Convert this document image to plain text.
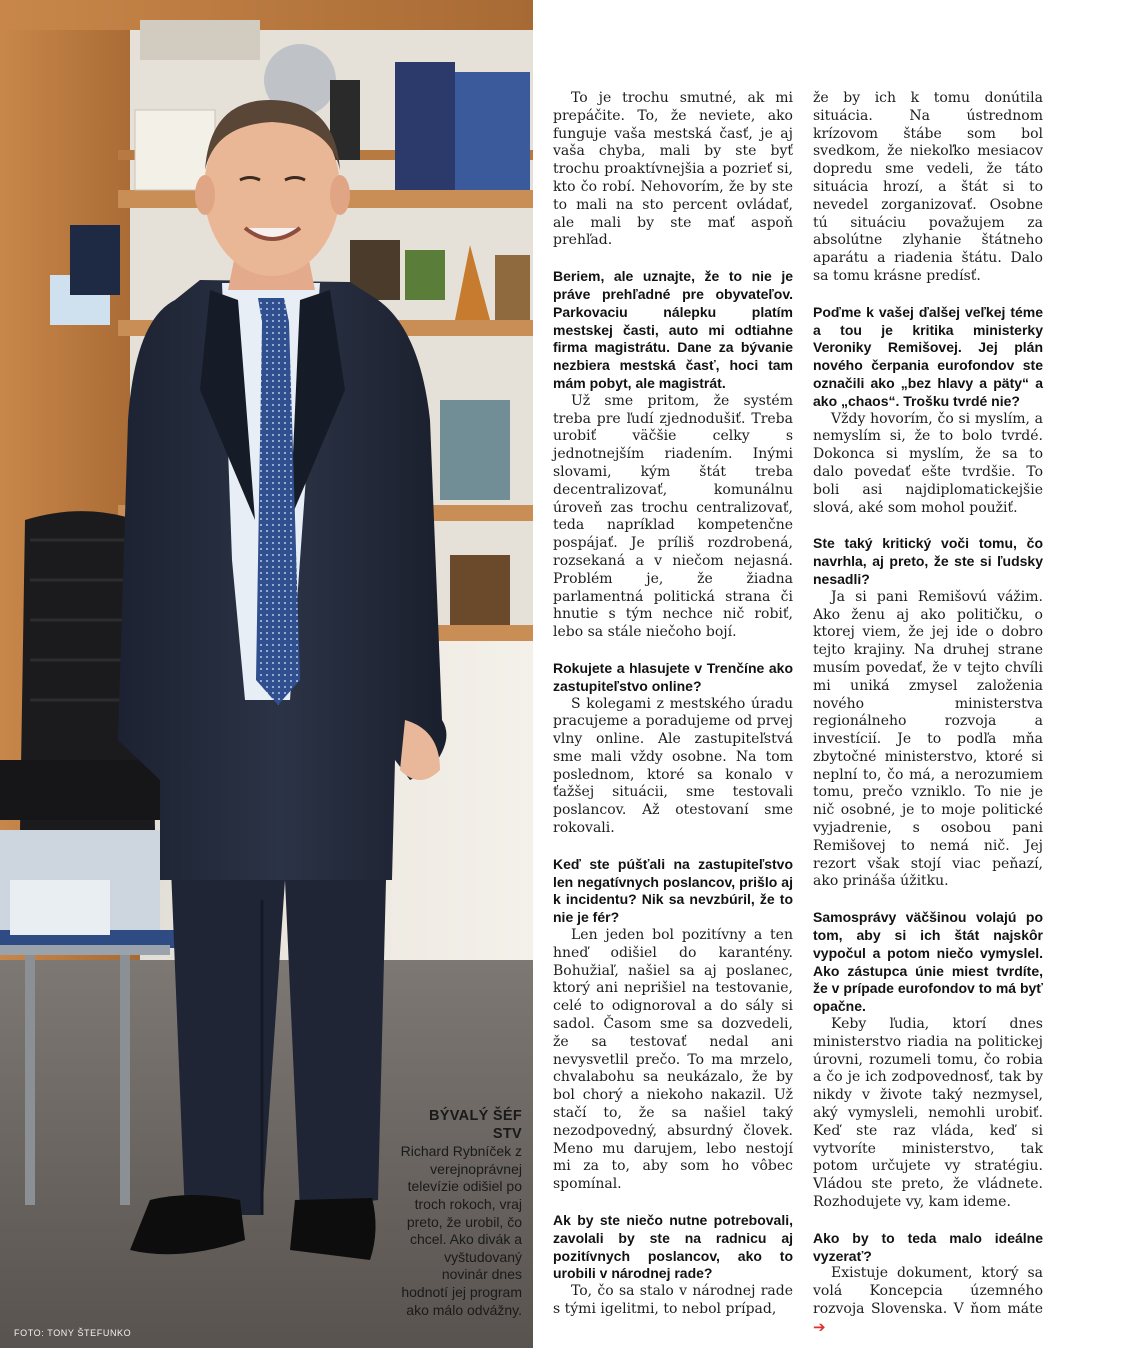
FOTO: TONY ŠTEFUNKO
BÝVALÝ ŠÉF STV
Richard Rybníček z verejnoprávnej televízie odišiel po troch rokoch, vraj preto, že urobil, čo chcel. Ako divák a vyštudovaný novinár dnes hodnotí jej program ako málo odvážny.

To je trochu smutné, ak mi prepáčite. To, že neviete, ako funguje vaša mestská časť, je aj vaša chyba, mali by ste byť trochu proaktívnejšia a pozrieť si, kto čo robí. Nehovorím, že by ste to mali na sto percent ovládať, ale mali by ste mať aspoň prehľad.

Beriem, ale uznajte, že to nie je práve prehľadné pre obyvateľov. Parkovaciu nálepku platím mestskej časti, auto mi odtiahne firma magistrátu. Dane za bývanie nezbiera mestská časť, hoci tam mám pobyt, ale magistrát.

Už sme pritom, že systém treba pre ľudí zjednodušiť. Treba urobiť väčšie celky s jednotnejším riadením. Inými slovami, kým štát treba decentralizovať, komunálnu úroveň zas trochu centralizovať, teda napríklad kompetenčne pospájať. Je príliš rozdrobená, rozsekaná a v niečom nejasná. Problém je, že žiadna parlamentná politická strana či hnutie s tým nechce nič robiť, lebo sa stále niečoho bojí.

Rokujete a hlasujete v Trenčíne ako zastupiteľstvo online?

S kolegami z mestského úradu pracujeme a poradujeme od prvej vlny online. Ale zastupiteľstvá sme mali vždy osobne. Na tom poslednom, ktoré sa konalo v ťažšej situácii, sme testovali poslancov. Až otestovaní sme rokovali.

Keď ste púšťali na zastupiteľstvo len negatívnych poslancov, prišlo aj k incidentu? Nik sa nevzbúril, že to nie je fér?

Len jeden bol pozitívny a ten hneď odišiel do karantény. Bohužiaľ, našiel sa aj poslanec, ktorý ani neprišiel na testovanie, celé to odignoroval a do sály si sadol. Časom sme sa dozvedeli, že sa testovať nedal ani nevysvetlil prečo. To ma mrzelo, chvalabohu sa neukázalo, že by bol chorý a niekoho nakazil. Už stačí to, že sa našiel taký nezodpovedný, absurdný človek. Meno mu darujem, lebo nestojí mi za to, aby som ho vôbec spomínal.

Ak by ste niečo nutne potrebovali, zavolali by ste na radnicu aj pozitívnych poslancov, ako to urobili v národnej rade?

To, čo sa stalo v národnej rade s tými igelitmi, to nebol prípad,

že by ich k tomu donútila situácia. Na ústrednom krízovom štábe som bol svedkom, že niekoľko mesiacov dopredu sme vedeli, že táto situácia hrozí, a štát si to nevedel zorganizovať. Osobne tú situáciu považujem za absolútne zlyhanie štátneho aparátu a riadenia štátu. Dalo sa tomu krásne predísť.

Poďme k vašej ďalšej veľkej téme a tou je kritika ministerky Veroniky Remišovej. Jej plán nového čerpania eurofondov ste označili ako „bez hlavy a päty“ a ako „chaos“. Trošku tvrdé nie?

Vždy hovorím, čo si myslím, a nemyslím si, že to bolo tvrdé. Dokonca si myslím, že sa to dalo povedať ešte tvrdšie. To boli asi najdiplomatickejšie slová, aké som mohol použiť.

Ste taký kritický voči tomu, čo navrhla, aj preto, že ste si ľudsky nesadli?

Ja si pani Remišovú vážim. Ako ženu aj ako političku, o ktorej viem, že jej ide o dobro tejto krajiny. Na druhej strane musím povedať, že v tejto chvíli mi uniká zmysel založenia nového ministerstva regionálneho rozvoja a investícií. Je to podľa mňa zbytočné ministerstvo, ktoré si neplní to, čo má, a nerozumiem tomu, prečo vzniklo. To nie je nič osobné, je to moje politické vyjadrenie, s osobou pani Remišovej to nemá nič. Jej rezort však stojí viac peňazí, ako prináša úžitku.

Samosprávy väčšinou volajú po tom, aby si ich štát najskôr vypočul a potom niečo vymyslel. Ako zástupca únie miest tvrdíte, že v prípade eurofondov to má byť opačne.

Keby ľudia, ktorí dnes ministerstvo riadia na politickej úrovni, rozumeli tomu, čo robia a čo je ich zodpovednosť, tak by nikdy v živote taký nezmysel, aký vymysleli, nemohli urobiť. Keď ste raz vláda, keď si vytvoríte ministerstvo, tak potom určujete vy stratégiu. Vládou ste preto, že vládnete. Rozhodujete vy, kam ideme.

Ako by to teda malo ideálne vyzerať?

Existuje dokument, ktorý sa volá Koncepcia územného rozvoja Slovenska. V ňom máte ➔
